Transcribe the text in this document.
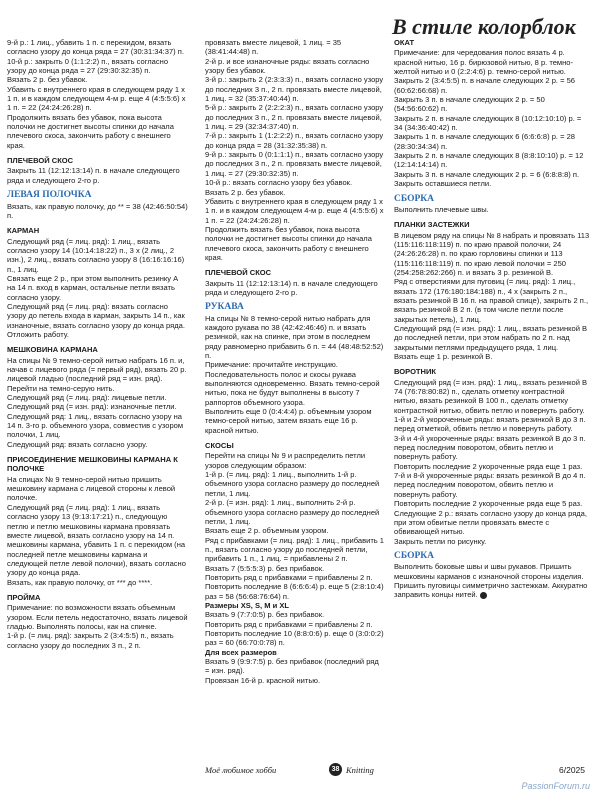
В стиле колорблок

9-й р.: 1 лиц., убавить 1 п. с перекидом, вязать согласно узору до конца ряда = 27 (30:31:34:37) п.

10-й р.: закрыть 0 (1:1:2:2) п., вязать согласно узору до конца ряда = 27 (29:30:32:35) п.

Вязать 2 р. без убавок.

Убавить с внутреннего края в следующем ряду 1 х 1 п. и в каждом следующем 4-м р. еще 4 (4:5:5:6) х 1 п. = 22 (24:24:26:28) п.

Продолжить вязать без убавок, пока высота полочки не достигнет высоты спинки до начала плечевого скоса, закончить работу с внешнего края.

ПЛЕЧЕВОЙ СКОС

Закрыть 11 (12:12:13:14) п. в начале следующего ряда и следующего 2-го р.

ЛЕВАЯ ПОЛОЧКА

Вязать, как правую полочку, до ** = 38 (42:46:50:54) п.

КАРМАН

Следующий ряд (= лиц. ряд): 1 лиц., вязать согласно узору 14 (10:14:18:22) п., 3 х (2 лиц., 2 изн.), 2 лиц., вязать согласно узору 8 (16:16:16:16) п., 1 лиц.

Связать еще 2 р., при этом выполнить резинку А на 14 п. вход в карман, остальные петли вязать согласно узору.

Следующий ряд (= лиц. ряд): вязать согласно узору до петель входа в карман, закрыть 14 п., как изнаночные, вязать согласно узору до конца ряда. Отложить работу.

МЕШКОВИНА КАРМАНА

На спицы № 9 темно-серой нитью набрать 16 п. и, начав с лицевого ряда (= первый ряд), вязать 20 р. лицевой гладью (последний ряд = изн. ряд).

Перейти на темно-серую нить.

Следующий ряд (= лиц. ряд): лицевые петли.

Следующий ряд (= изн. ряд): изнаночные петли.

Следующий ряд: 1 лиц., вязать согласно узору на 14 п. 3-го р. объемного узора, совместив с узором полочки, 1 лиц.

Следующий ряд: вязать согласно узору.

ПРИСОЕДИНЕНИЕ МЕШКОВИНЫ КАРМАНА К ПОЛОЧКЕ

На спицах № 9 темно-серой нитью пришить мешковину кармана с лицевой стороны к левой полочке.

Следующий ряд (= лиц. ряд): 1 лиц., вязать согласно узору 13 (9:13:17:21) п., следующую петлю и петлю мешковины кармана провязать вместе лицевой, вязать согласно узору на 14 п. мешковины кармана, убавить 1 п. с перекидом (на последней петле мешковины кармана и следующей петле левой полочки), вязать согласно узору до конца ряда.

Вязать, как правую полочку, от *** до ****.

ПРОЙМА

Примечание: по возможности вязать объемным узором. Если петель недостаточно, вязать лицевой гладью. Выполнять полосы, как на спинке.

1-й р. (= лиц. ряд): закрыть 2 (3:4:5:5) п., вязать согласно узору до последних 3 п., 2 п.

провязать вместе лицевой, 1 лиц. = 35 (38:41:44:48) п.

2-й р. и все изнаночные ряды: вязать согласно узору без убавок.

3-й р.: закрыть 2 (2:3:3:3) п., вязать согласно узору до последних 3 п., 2 п. провязать вместе лицевой, 1 лиц. = 32 (35:37:40:44) п.

5-й р.: закрыть 2 (2:2:2:3) п., вязать согласно узору до последних 3 п., 2 п. провязать вместе лицевой, 1 лиц. = 29 (32:34:37:40) п.

7-й р.: закрыть 1 (1:2:2:2) п., вязать согласно узору до конца ряда = 28 (31:32:35:38) п.

9-й р.: закрыть 0 (0:1:1:1) п., вязать согласно узору до последних 3 п., 2 п. провязать вместе лицевой, 1 лиц. = 27 (29:30:32:35) п.

10-й р.: вязать согласно узору без убавок.

Вязать 2 р. без убавок.

Убавить с внутреннего края в следующем ряду 1 х 1 п. и в каждом следующем 4-м р. еще 4 (4:5:5:6) х 1 п. = 22 (24:24:26:28) п.

Продолжить вязать без убавок, пока высота полочки не достигнет высоты спинки до начала плечевого скоса, закончить работу с внешнего края.

ПЛЕЧЕВОЙ СКОС

Закрыть 11 (12:12:13:14) п. в начале следующего ряда и следующего 2-го р.

РУКАВА

На спицы № 8 темно-серой нитью набрать для каждого рукава по 38 (42:42:46:46) п. и вязать резинкой, как на спинке, при этом в последнем ряду равномерно прибавить 6 п. = 44 (48:48:52:52) п.

Примечание: прочитайте инструкцию. Последовательность полос и скосы рукава выполняются одновременно. Вязать темно-серой нитью, пока не будут выполнены в высоту 7 раппортов объемного узора.

Выполнить еще 0 (0:4:4:4) р. объемным узором темно-серой нитью, затем вязать еще 16 р. красной нитью.

СКОСЫ

Перейти на спицы № 9 и распределить петли узоров следующим образом:

1-й р. (= лиц. ряд): 1 лиц., выполнить 1-й р. объемного узора согласно размеру до последней петли, 1 лиц.

2-й р. (= изн. ряд): 1 лиц., выполнить 2-й р. объемного узора согласно размеру до последней петли, 1 лиц.

Вязать еще 2 р. объемным узором.

Ряд с прибавками (= лиц. ряд): 1 лиц., прибавить 1 п., вязать согласно узору до последней петли, прибавить 1 п., 1 лиц. = прибавлены 2 п.

Вязать 7 (5:5:5:3) р. без прибавок.

Повторить ряд с прибавками = прибавлены 2 п.

Повторить последние 8 (6:6:6:4) р. еще 5 (2:8:10:4) раз = 58 (56:68:76:64) п.

Размеры XS, S, M и XL

Вязать 9 (7:7:0:5) р. без прибавок.

Повторить ряд с прибавками = прибавлены 2 п.

Повторить последние 10 (8:8:0:6) р. еще 0 (3:0:0:2) раз = 60 (66:70:0:78) п.

Для всех размеров

Вязать 9 (9:9:7:5) р. без прибавок (последний ряд = изн. ряд).

Провязан 16-й р. красной нитью.

ОКАТ

Примечание: для чередования полос вязать 4 р. красной нитью, 16 р. бирюзовой нитью, 8 р. темно-желтой нитью и 0 (2:2:4:6) р. темно-серой нитью.

Закрыть 2 (3:4:5:5) п. в начале следующих 2 р. = 56 (60:62:66:68) п.

Закрыть 3 п. в начале следующих 2 р. = 50 (54:56:60:62) п.

Закрыть 2 п. в начале следующих 8 (10:12:10:10) р. = 34 (34:36:40:42) п.

Закрыть 1 п. в начале следующих 6 (6:6:6:8) р. = 28 (28:30:34:34) п.

Закрыть 2 п. в начале следующих 8 (8:8:10:10) р. = 12 (12:14:14:14) п.

Закрыть 3 п. в начале следующих 2 р. = 6 (6:8:8:8) п.

Закрыть оставшиеся петли.

СБОРКА

Выполнить плечевые швы.

ПЛАНКИ ЗАСТЕЖКИ

В лицевом ряду на спицы № 8 набрать и провязать 113 (115:116:118:119) п. по краю правой полочки, 24 (24:26:26:28) п. по краю горловины спинки и 113 (115:116:118:119) п. по краю левой полочки = 250 (254:258:262:266) п. и вязать 3 р. резинкой В.

Ряд с отверстиями для пуговиц (= лиц. ряд): 1 лиц., вязать 172 (176:180:184:188) п., 4 х (закрыть 2 п., вязать резинкой В 16 п. на правой спице), закрыть 2 п., вязать резинкой В 2 п. (в том числе петли после закрытых петель), 1 лиц.

Следующий ряд (= изн. ряд): 1 лиц., вязать резинкой В до последней петли, при этом набрать по 2 п. над закрытыми петлями предыдущего ряда, 1 лиц.

Вязать еще 1 р. резинкой В.

ВОРОТНИК

Следующий ряд (= изн. ряд): 1 лиц., вязать резинкой В 74 (76:78:80:82) п., сделать отметку контрастной нитью, вязать резинкой В 100 п., сделать отметку контрастной нитью, обвить петлю и повернуть работу.

1-й и 2-й укороченные ряды: вязать резинкой В до 3 п. перед отметкой, обвить петлю и повернуть работу.

3-й и 4-й укороченные ряды: вязать резинкой В до 3 п. перед последним поворотом, обвить петлю и повернуть работу.

Повторить последние 2 укороченные ряда еще 1 раз.

7-й и 8-й укороченные ряды: вязать резинкой В до 4 п. перед последним поворотом, обвить петлю и повернуть работу.

Повторить последние 2 укороченные ряда еще 5 раз.

Следующие 2 р.: вязать согласно узору до конца ряда, при этом обвитые петли провязать вместе с обвивающей нитью.

Закрыть петли по рисунку.

СБОРКА

Выполнить боковые швы и швы рукавов. Пришить мешковины карманов с изнаночной стороны изделия.

Пришить пуговицы симметрично застежкам. Аккуратно заправить концы нитей.

Моё любимое хобби	38 Knitting	6/2025
PassionForum.ru
